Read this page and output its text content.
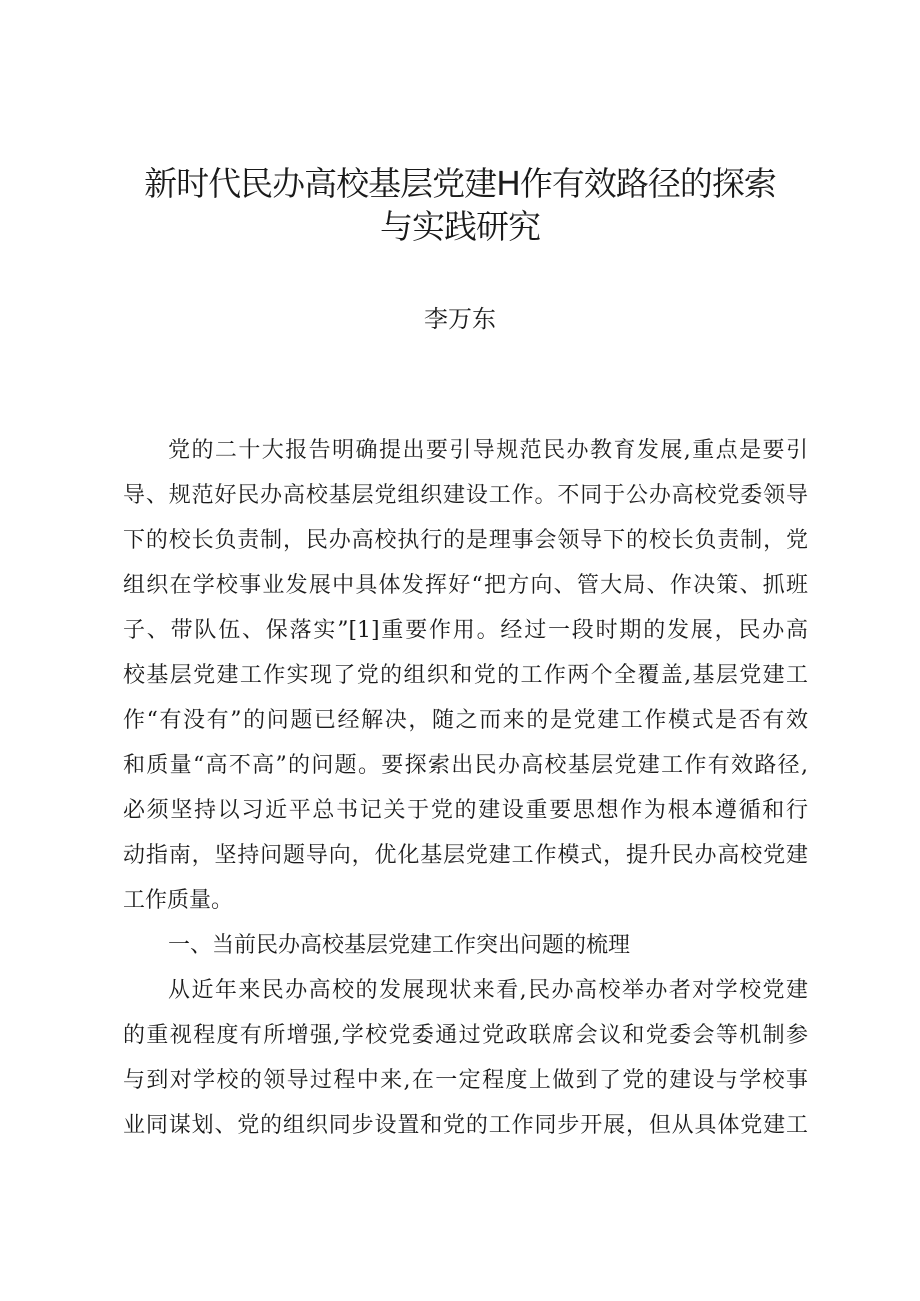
新时代民办高校基层党建H作有效路径的探索
与实践研究
李万东
党的二十大报告明确提出要引导规范民办教育发展,重点是要引
导、规范好民办高校基层党组织建设工作。不同于公办高校党委领导
下的校长负责制，民办高校执行的是理事会领导下的校长负责制，党
组织在学校事业发展中具体发挥好“把方向、管大局、作决策、抓班
子、带队伍、保落实”[1]重要作用。经过一段时期的发展，民办高
校基层党建工作实现了党的组织和党的工作两个全覆盖,基层党建工
作“有没有”的问题已经解决，随之而来的是党建工作模式是否有效
和质量“高不高”的问题。要探索出民办高校基层党建工作有效路径,
必须坚持以习近平总书记关于党的建设重要思想作为根本遵循和行
动指南，坚持问题导向，优化基层党建工作模式，提升民办高校党建
工作质量。
一、当前民办高校基层党建工作突出问题的梳理
从近年来民办高校的发展现状来看,民办高校举办者对学校党建
的重视程度有所增强,学校党委通过党政联席会议和党委会等机制参
与到对学校的领导过程中来,在一定程度上做到了党的建设与学校事
业同谋划、党的组织同步设置和党的工作同步开展，但从具体党建工
